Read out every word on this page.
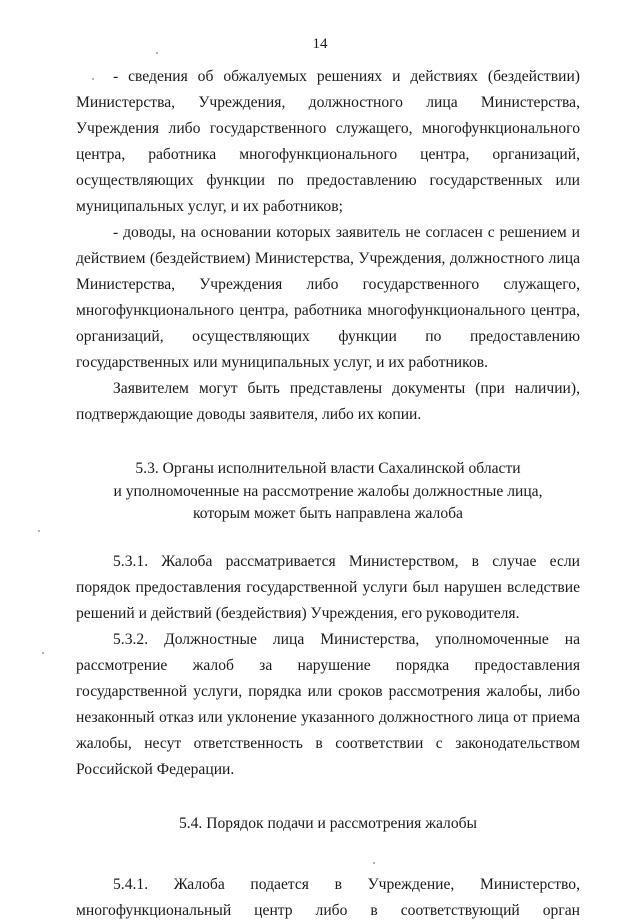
14

- сведения об обжалуемых решениях и действиях (бездействии) Министерства, Учреждения, должностного лица Министерства, Учреждения либо государственного служащего, многофункционального центра, работника многофункционального центра, организаций, осуществляющих функции по предоставлению государственных или муниципальных услуг, и их работников;

- доводы, на основании которых заявитель не согласен с решением и действием (бездействием) Министерства, Учреждения, должностного лица Министерства, Учреждения либо государственного служащего, многофункционального центра, работника многофункционального центра, организаций, осуществляющих функции по предоставлению государственных или муниципальных услуг, и их работников.

Заявителем могут быть представлены документы (при наличии), подтверждающие доводы заявителя, либо их копии.

5.3. Органы исполнительной власти Сахалинской области
и уполномоченные на рассмотрение жалобы должностные лица,
которым может быть направлена жалоба

5.3.1. Жалоба рассматривается Министерством, в случае если порядок предоставления государственной услуги был нарушен вследствие решений и действий (бездействия) Учреждения, его руководителя.

5.3.2. Должностные лица Министерства, уполномоченные на рассмотрение жалоб за нарушение порядка предоставления государственной услуги, порядка или сроков рассмотрения жалобы, либо незаконный отказ или уклонение указанного должностного лица от приема жалобы, несут ответственность в соответствии с законодательством Российской Федерации.

5.4. Порядок подачи и рассмотрения жалобы

5.4.1. Жалоба подается в Учреждение, Министерство, многофункциональный центр либо в соответствующий орган
